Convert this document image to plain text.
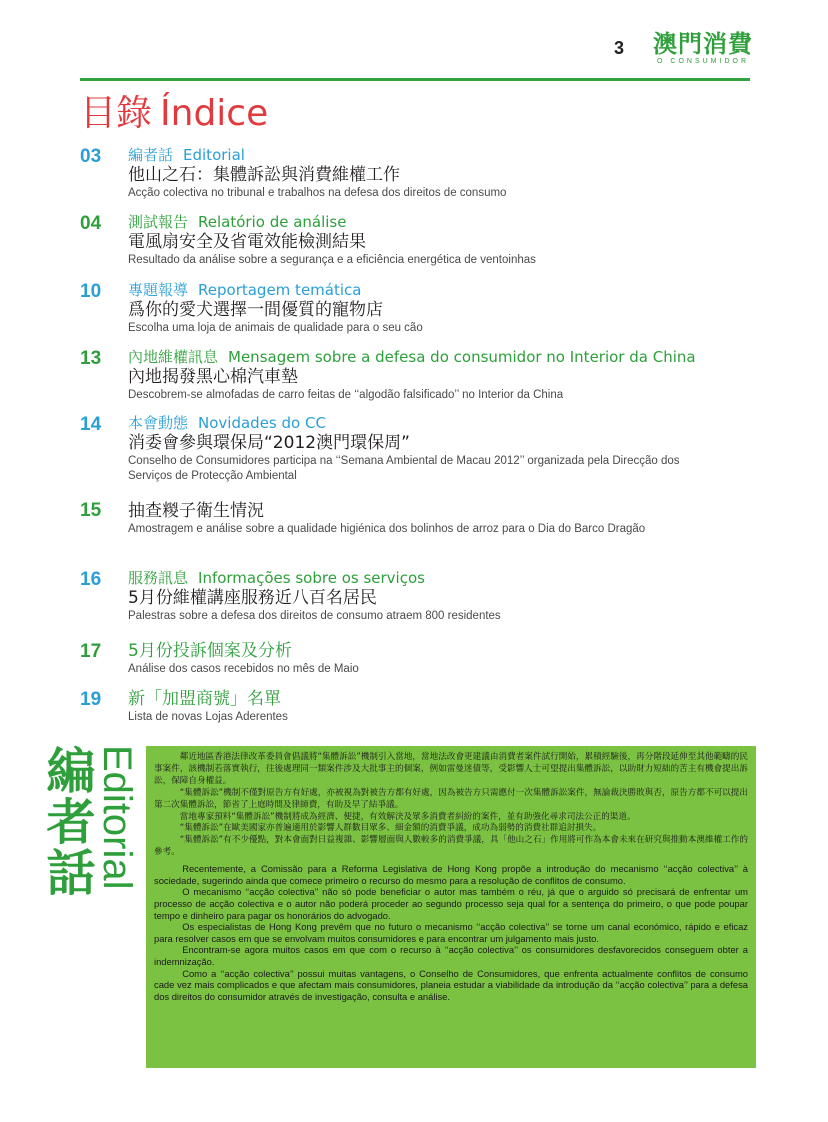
3 澳門消費
O CONSUMIDOR
目錄 Índice
03 編者話 Editorial
他山之石：集體訴訟與消費維權工作
Acção colectiva no tribunal e trabalhos na defesa dos direitos de consumo
04 測試報告 Relatório de análise
電風扇安全及省電效能檢測結果
Resultado da análise sobre a segurança e a eficiência energética de ventoinhas
10 專題報導 Reportagem temática
爲你的愛犬選擇一間優質的寵物店
Escolha uma loja de animais de qualidade para o seu cão
13 內地維權訊息 Mensagem sobre a defesa do consumidor no Interior da China
內地揭發黑心棉汽車墊
Descobrem-se almofadas de carro feitas de ‘‘algodão falsificado’’ no Interior da China
14 本會動態 Novidades do CC
消委會參與環保局“2012澳門環保周”
Conselho de Consumidores participa na ‘‘Semana Ambiental de Macau 2012’’ organizada pela Direcção dos Serviços de Protecção Ambiental
15 抽查糉子衛生情況
Amostragem e análise sobre a qualidade higiénica dos bolinhos de arroz para o Dia do Barco Dragão
16 服務訊息 Informações sobre os serviços
5月份維權講座服務近八百名居民
Palestras sobre a defesa dos direitos de consumo atraem 800 residentes
17 5月份投訴個案及分析
Análise dos casos recebidos no mês de Maio
19 新「加盟商號」名單
Lista de novas Lojas Aderentes
編者話 Editorial	鄰近地區香港法律改革委員會倡議將“集體訴訟”機制引入當地，當地法改會更建議由消費者案件試行開始，累積經驗後，再分階段延伸至其他範疇的民事案件，該機制若落實執行，往後處理同一類案件涉及大批事主的個案，例如雷曼迷債等，受影響人士可望提出集體訴訟，以助財力短絀的苦主有機會提出訴訟，保障自身權益。

“集體訴訟”機制不僅對原告方有好處，亦被視為對被告方都有好處，因為被告方只需應付一次集體訴訟案件，無論裁決勝敗與否，原告方都不可以提出第二次集體訴訟，節省了上庭時間及律師費，有助及早了結爭議。

當地專家預料“集體訴訟”機制將成為經濟、便捷，有效解決及眾多消費者糾紛的案件，並有助強化尋求司法公正的渠道。

“集體訴訟”在歐美國家亦普遍適用於影響人群數目眾多、細金額的消費爭議，成功為弱勢的消費社群追討損失。

“集體訴訟”有不少優點，對本會面對日益複雜、影響層面與人數較多的消費爭議，具「他山之石」作用將可作為本會未來在研究與推動本澳維權工作的參考。

Recentemente, a Comissão para a Reforma Legislativa de Hong Kong propõe a introdução do mecanismo ‘‘acção colectiva’’ à sociedade, sugerindo ainda que comece primeiro o recurso do mesmo para a resolução de conflitos de consumo.

O mecanismo ‘‘acção colectiva’’ não só pode beneficiar o autor mas também o réu, já que o arguido só precisará de enfrentar um processo de acção colectiva e o autor não poderá proceder ao segundo processo seja qual for a sentença do primeiro, o que pode poupar tempo e dinheiro para pagar os honorários do advogado.

Os especialistas de Hong Kong prevêm que no futuro o mecanismo ‘‘acção colectiva’’ se torne um canal económico, rápido e eficaz para resolver casos em que se envolvam muitos consumidores e para encontrar um julgamento mais justo.

Encontram-se agora muitos casos em que com o recurso à ‘‘acção colectiva’’ os consumidores desfavorecidos conseguem obter a indemnização.

Como a ‘‘acção colectiva’’ possui muitas vantagens, o Conselho de Consumidores, que enfrenta actualmente conflitos de consumo cade vez mais complicados e que afectam mais consumidores, planeia estudar a viabilidade da introdução da ‘‘acção colectiva’’ para a defesa dos direitos do consumidor através de investigação, consulta e análise.
